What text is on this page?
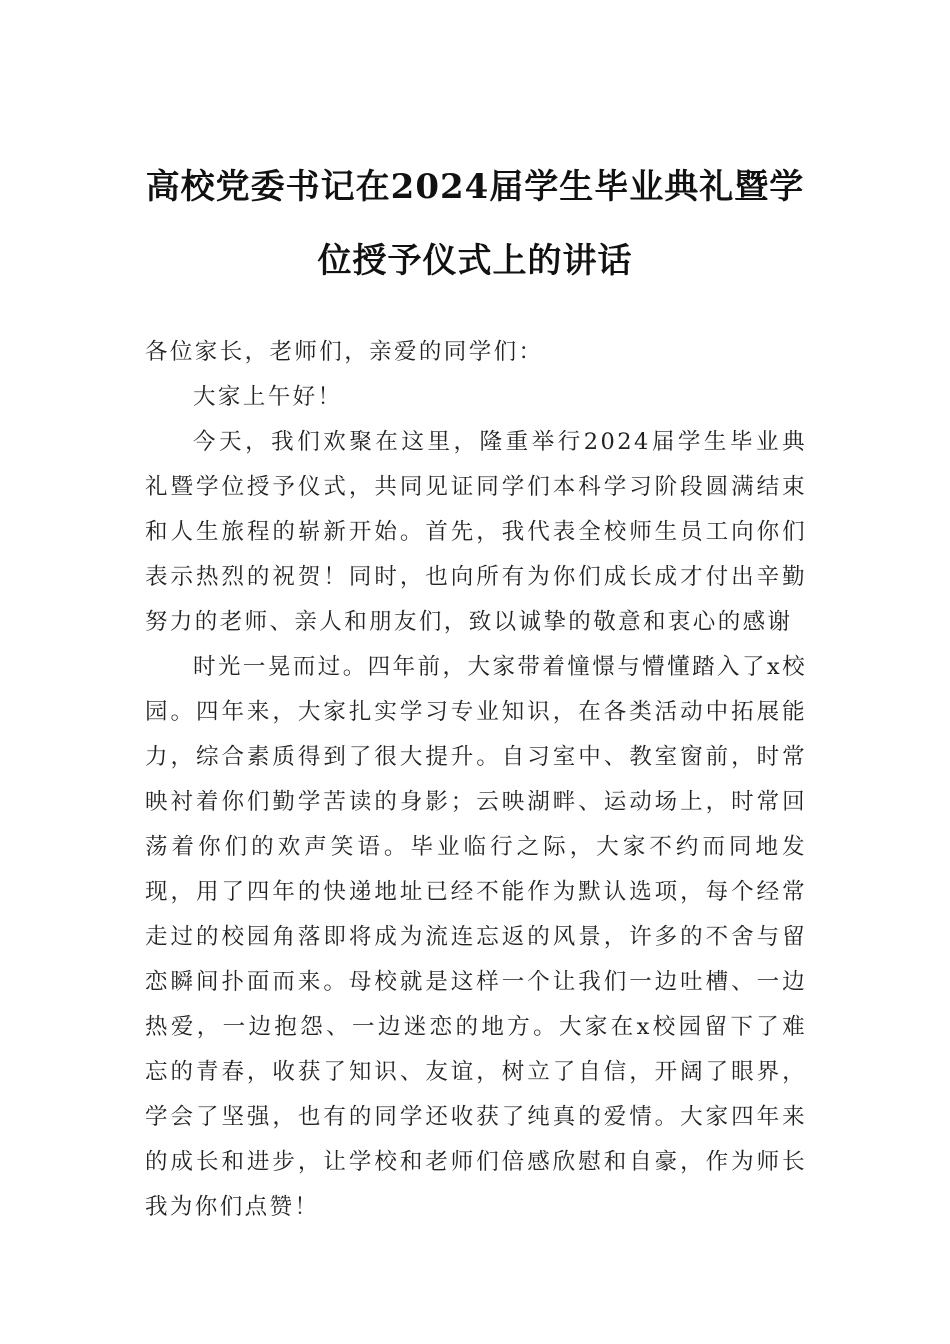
高校党委书记在2024届学生毕业典礼暨学位授予仪式上的讲话

各位家长，老师们，亲爱的同学们：

大家上午好！

今天，我们欢聚在这里，隆重举行2024届学生毕业典礼暨学位授予仪式，共同见证同学们本科学习阶段圆满结束和人生旅程的崭新开始。首先，我代表全校师生员工向你们表示热烈的祝贺！同时，也向所有为你们成长成才付出辛勤努力的老师、亲人和朋友们，致以诚挚的敬意和衷心的感谢

时光一晃而过。四年前，大家带着憧憬与懵懂踏入了x校园。四年来，大家扎实学习专业知识，在各类活动中拓展能力，综合素质得到了很大提升。自习室中、教室窗前，时常映衬着你们勤学苦读的身影；云映湖畔、运动场上，时常回荡着你们的欢声笑语。毕业临行之际，大家不约而同地发现，用了四年的快递地址已经不能作为默认选项，每个经常走过的校园角落即将成为流连忘返的风景，许多的不舍与留恋瞬间扑面而来。母校就是这样一个让我们一边吐槽、一边热爱，一边抱怨、一边迷恋的地方。大家在x校园留下了难忘的青春，收获了知识、友谊，树立了自信，开阔了眼界，学会了坚强，也有的同学还收获了纯真的爱情。大家四年来的成长和进步，让学校和老师们倍感欣慰和自豪，作为师长我为你们点赞！
